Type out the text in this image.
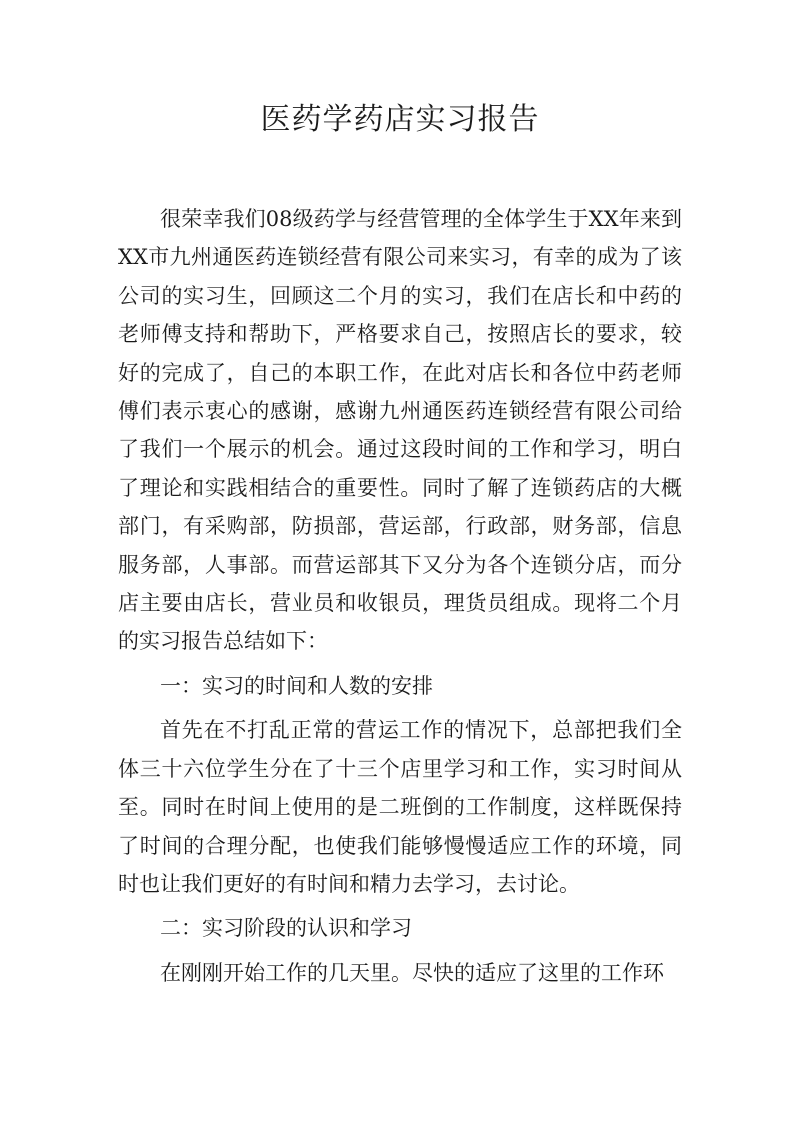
医药学药店实习报告

很荣幸我们08级药学与经营管理的全体学生于XX年来到XX市九州通医药连锁经营有限公司来实习，有幸的成为了该公司的实习生，回顾这二个月的实习，我们在店长和中药的老师傅支持和帮助下，严格要求自己，按照店长的要求，较好的完成了，自己的本职工作，在此对店长和各位中药老师傅们表示衷心的感谢，感谢九州通医药连锁经营有限公司给了我们一个展示的机会。通过这段时间的工作和学习，明白了理论和实践相结合的重要性。同时了解了连锁药店的大概部门，有采购部，防损部，营运部，行政部，财务部，信息服务部，人事部。而营运部其下又分为各个连锁分店，而分店主要由店长，营业员和收银员，理货员组成。现将二个月的实习报告总结如下：

一：实习的时间和人数的安排

首先在不打乱正常的营运工作的情况下，总部把我们全体三十六位学生分在了十三个店里学习和工作，实习时间从至。同时在时间上使用的是二班倒的工作制度，这样既保持了时间的合理分配，也使我们能够慢慢适应工作的环境，同时也让我们更好的有时间和精力去学习，去讨论。

二：实习阶段的认识和学习

在刚刚开始工作的几天里。尽快的适应了这里的工作环
